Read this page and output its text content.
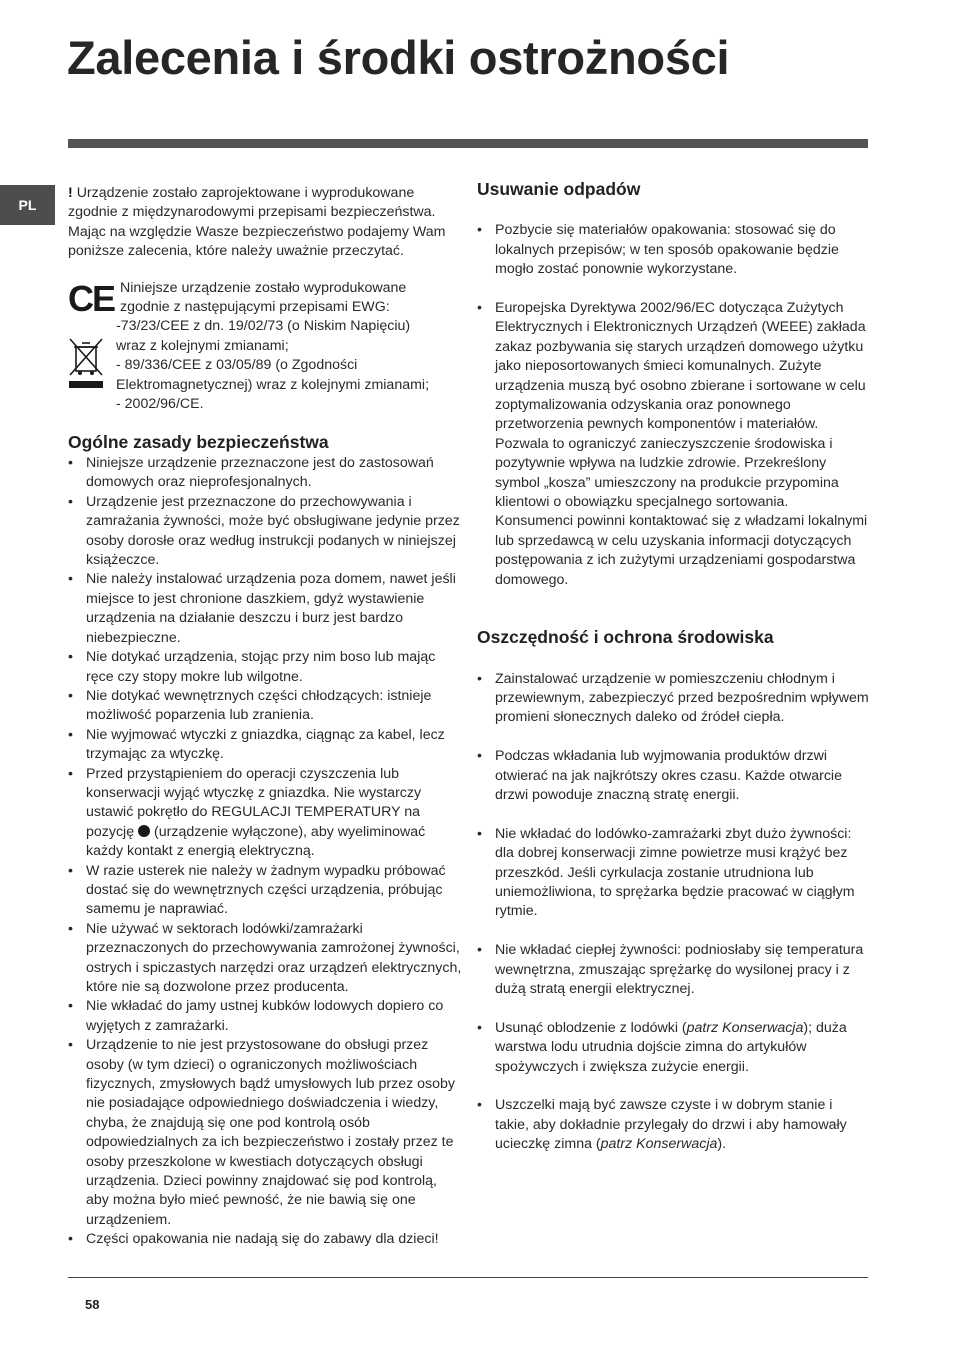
Zalecenia i środki ostrożności
PL

! Urządzenie zostało zaprojektowane i wyprodukowane zgodnie z międzynarodowymi przepisami bezpieczeństwa. Mając na względzie Wasze bezpieczeństwo podajemy Wam poniższe zalecenia, które należy uważnie przeczytać.

CE Niniejsze urządzenie zostało wyprodukowane
zgodnie z następującymi przepisami EWG:
-73/23/CEE z dn. 19/02/73 (o Niskim Napięciu)
wraz z kolejnymi zmianami;
- 89/336/CEE z 03/05/89 (o Zgodności
Elektromagnetycznej) wraz z kolejnymi zmianami;
- 2002/96/CE.
Ogólne zasady bezpieczeństwa
• Niniejsze urządzenie przeznaczone jest do zastosowań domowych oraz nieprofesjonalnych.
• Urządzenie jest przeznaczone do przechowywania i zamrażania żywności, może być obsługiwane jedynie przez osoby dorosłe oraz według instrukcji podanych w niniejszej książeczce.
• Nie należy instalować urządzenia poza domem, nawet jeśli miejsce to jest chronione daszkiem, gdyż wystawienie urządzenia na działanie deszczu i burz jest bardzo niebezpieczne.
• Nie dotykać urządzenia, stojąc przy nim boso lub mając ręce czy stopy mokre lub wilgotne.
• Nie dotykać wewnętrznych części chłodzących: istnieje możliwość poparzenia lub zranienia.
• Nie wyjmować wtyczki z gniazdka, ciągnąc za kabel, lecz trzymając za wtyczkę.
• Przed przystąpieniem do operacji czyszczenia lub konserwacji wyjąć wtyczkę z gniazdka. Nie wystarczy ustawić pokrętło do REGULACJI TEMPERATURY na pozycję (urządzenie wyłączone), aby wyeliminować każdy kontakt z energią elektryczną.
• W razie usterek nie należy w żadnym wypadku próbować dostać się do wewnętrznych części urządzenia, próbując samemu je naprawiać.
• Nie używać w sektorach lodówki/zamrażarki przeznaczonych do przechowywania zamrożonej żywności, ostrych i spiczastych narzędzi oraz urządzeń elektrycznych, które nie są dozwolone przez producenta.
• Nie wkładać do jamy ustnej kubków lodowych dopiero co wyjętych z zamrażarki.
• Urządzenie to nie jest przystosowane do obsługi przez osoby (w tym dzieci) o ograniczonych możliwościach fizycznych, zmysłowych bądź umysłowych lub przez osoby nie posiadające odpowiedniego doświadczenia i wiedzy, chyba, że znajdują się one pod kontrolą osób odpowiedzialnych za ich bezpieczeństwo i zostały przez te osoby przeszkolone w kwestiach dotyczących obsługi urządzenia. Dzieci powinny znajdować się pod kontrolą, aby można było mieć pewność, że nie bawią się one urządzeniem.
• Części opakowania nie nadają się do zabawy dla dzieci!
Usuwanie odpadów
• Pozbycie się materiałów opakowania: stosować się do lokalnych przepisów; w ten sposób opakowanie będzie mogło zostać ponownie wykorzystane.
• Europejska Dyrektywa 2002/96/EC dotycząca Zużytych Elektrycznych i Elektronicznych Urządzeń (WEEE) zakłada zakaz pozbywania się starych urządzeń domowego użytku jako nieposortowanych śmieci komunalnych. Zużyte urządzenia muszą być osobno zbierane i sortowane w celu zoptymalizowania odzyskania oraz ponownego przetworzenia pewnych komponentów i materiałów. Pozwala to ograniczyć zanieczyszczenie środowiska i pozytywnie wpływa na ludzkie zdrowie. Przekreślony symbol „kosza” umieszczony na produkcie przypomina klientowi o obowiązku specjalnego sortowania.
Konsumenci powinni kontaktować się z władzami lokalnymi lub sprzedawcą w celu uzyskania informacji dotyczących postępowania z ich zużytymi urządzeniami gospodarstwa domowego.
Oszczędność i ochrona środowiska
• Zainstalować urządzenie w pomieszczeniu chłodnym i przewiewnym, zabezpieczyć przed bezpośrednim wpływem promieni słonecznych daleko od źródeł ciepła.
• Podczas wkładania lub wyjmowania produktów drzwi otwierać na jak najkrótszy okres czasu. Każde otwarcie drzwi powoduje znaczną stratę energii.
• Nie wkładać do lodówko-zamrażarki zbyt dużo żywności: dla dobrej konserwacji zimne powietrze musi krążyć bez przeszkód. Jeśli cyrkulacja zostanie utrudniona lub uniemożliwiona, to sprężarka będzie pracować w ciągłym rytmie.
• Nie wkładać ciepłej żywności: podniosłaby się temperatura wewnętrzna, zmuszając sprężarkę do wysilonej pracy i z dużą stratą energii elektrycznej.
• Usunąć oblodzenie z lodówki (patrz Konserwacja); duża warstwa lodu utrudnia dojście zimna do artykułów spożywczych i zwiększa zużycie energii.
• Uszczelki mają być zawsze czyste i w dobrym stanie i takie, aby dokładnie przylegały do drzwi i aby hamowały ucieczkę zimna (patrz Konserwacja).
58
